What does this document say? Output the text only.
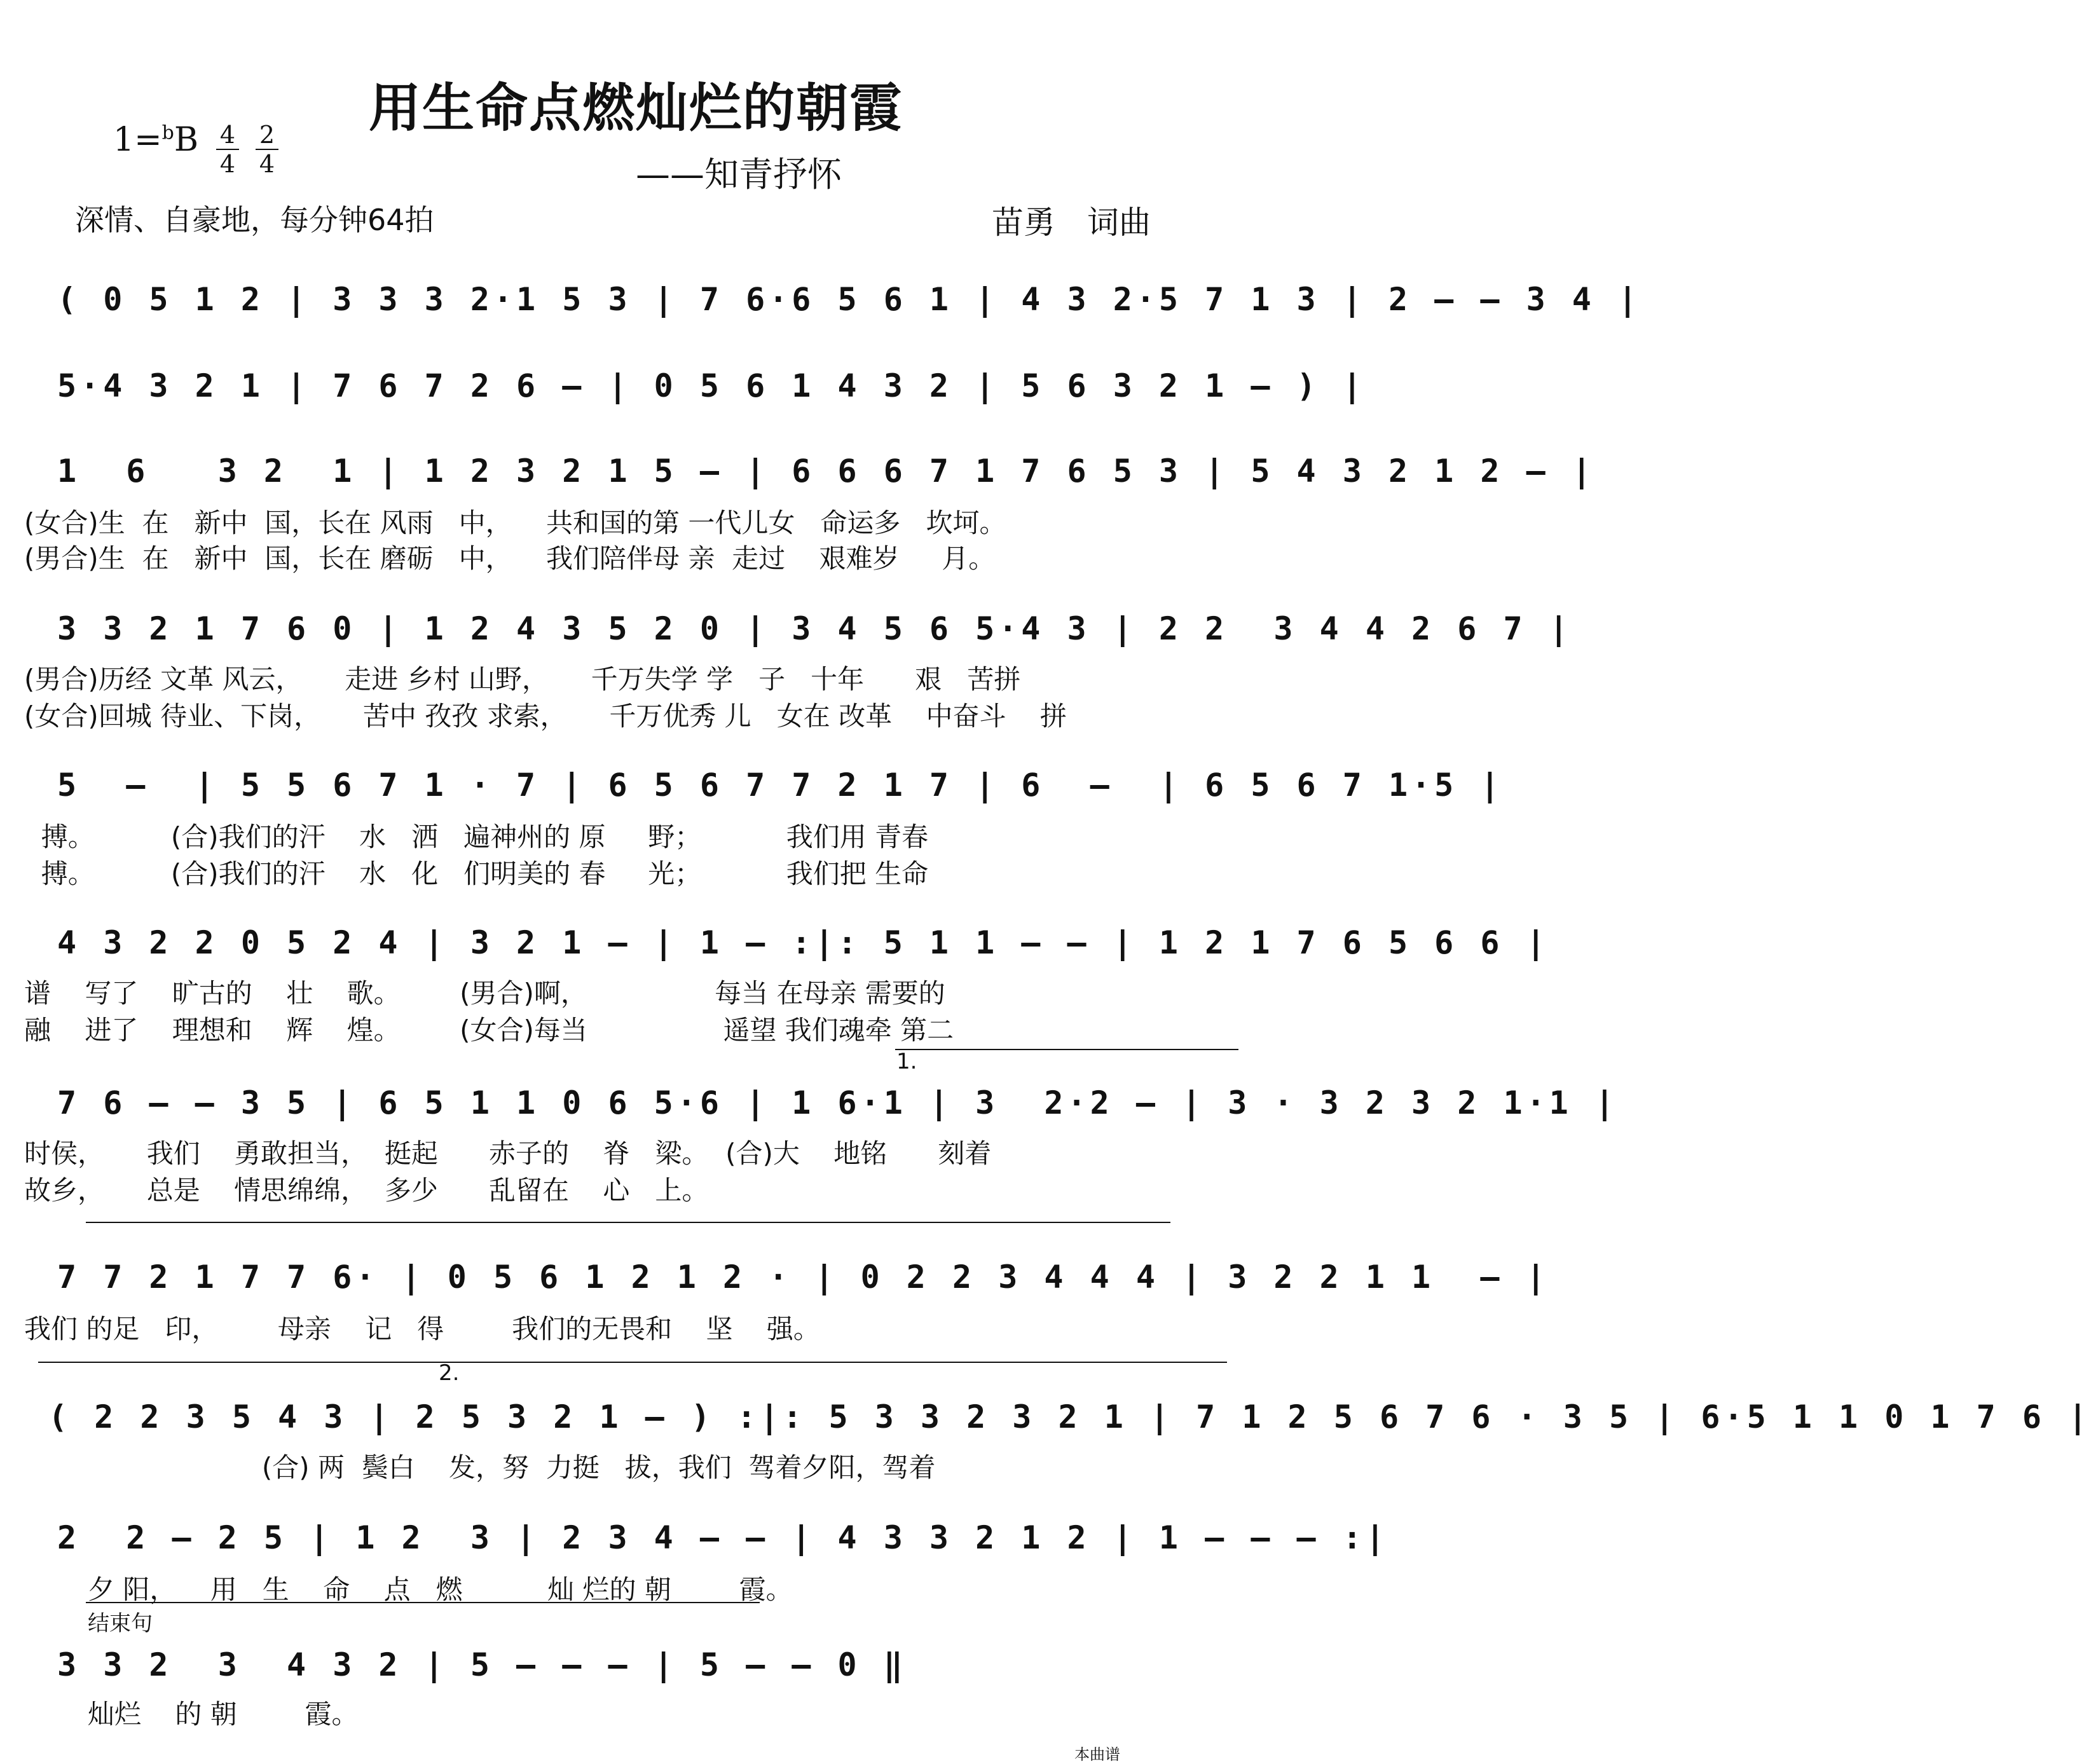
用生命点燃灿烂的朝霞
——知青抒怀
1=$^b$B 4
4
2
4
深情、自豪地，每分钟64拍	苗勇　词曲
( 0 5 1 2 | 3 3 3 2·1 5 3 | 7 6·6 5 6 1 | 4 3 2·5 7 1 3 | 2 — — 3 4 |
5·4 3 2 1 | 7 6 7 2 6 — | 0 5 6 1 4 3 2 | 5 6 3 2 1 — ) |
1  6   3 2  1 | 1 2 3 2 1 5 — | 6 6 6 7 1 7 6 5 3 | 5 4 3 2 1 2 — |
(女合)生  在   新中  国，长在 风雨   中，    共和国的第 一代儿女   命运多   坎坷。
(男合)生  在   新中  国，长在 磨砺   中，    我们陪伴母 亲  走过    艰难岁     月。
3 3 2 1 7 6 0 | 1 2 4 3 5 2 0 | 3 4 5 6 5·4 3 | 2 2  3 4 4 2 6 7 |
(男合)历经 文革 风云，     走进 乡村 山野，     千万失学 学   子   十年      艰   苦拼
(女合)回城 待业、下岗，     苦中 孜孜 求索，     千万优秀 儿   女在 改革    中奋斗    拼
5  —  | 5 5 6 7 1 · 7 | 6 5 6 7 7 2 1 7 | 6  —  | 6 5 6 7 1·5 |
搏。         (合)我们的汗    水   洒   遍神州的 原     野；          我们用 青春
搏。         (合)我们的汗    水   化   们明美的 春     光；          我们把 生命
4 3 2 2 0 5 2 4 | 3 2 1 — | 1 — :|: 5 1 1 — — | 1 2 1 7 6 5 6 6 |
谱    写了    旷古的    壮    歌。       (男合)啊，               每当 在母亲 需要的
融    进了    理想和    辉    煌。       (女合)每当                遥望 我们魂牵 第二
1.
7 6 — — 3 5 | 6 5 1 1 0 6 5·6 | 1 6·1 | 3  2·2 — | 3 · 3 2 3 2 1·1 |
时侯，     我们    勇敢担当，  挺起      赤子的    脊   梁。  (合)大    地铭      刻着
故乡，     总是    情思绵绵，  多少      乱留在    心   上。
7 7 2 1 7 7 6· | 0 5 6 1 2 1 2 · | 0 2 2 3 4 4 4 | 3 2 2 1 1  — |
我们 的足   印，       母亲    记   得        我们的无畏和    坚    强。
2.
( 2 2 3 5 4 3 | 2 5 3 2 1 — ) :|: 5 3 3 2 3 2 1 | 7 1 2 5 6 7 6 · 3 5 | 6·5 1 1 0 1 7 6 |
(合) 两  鬓白    发，努  力挺   拔，我们  驾着夕阳，驾着
2  2 — 2 5 | 1 2  3 | 2 3 4 — — | 4 3 3 2 1 2 | 1 — — — :|
夕 阳，    用   生    命    点   燃          灿 烂的 朝        霞。
结束句
3 3 2  3  4 3 2 | 5 — — — | 5 — — 0 ‖
灿烂    的 朝        霞。
本曲谱
